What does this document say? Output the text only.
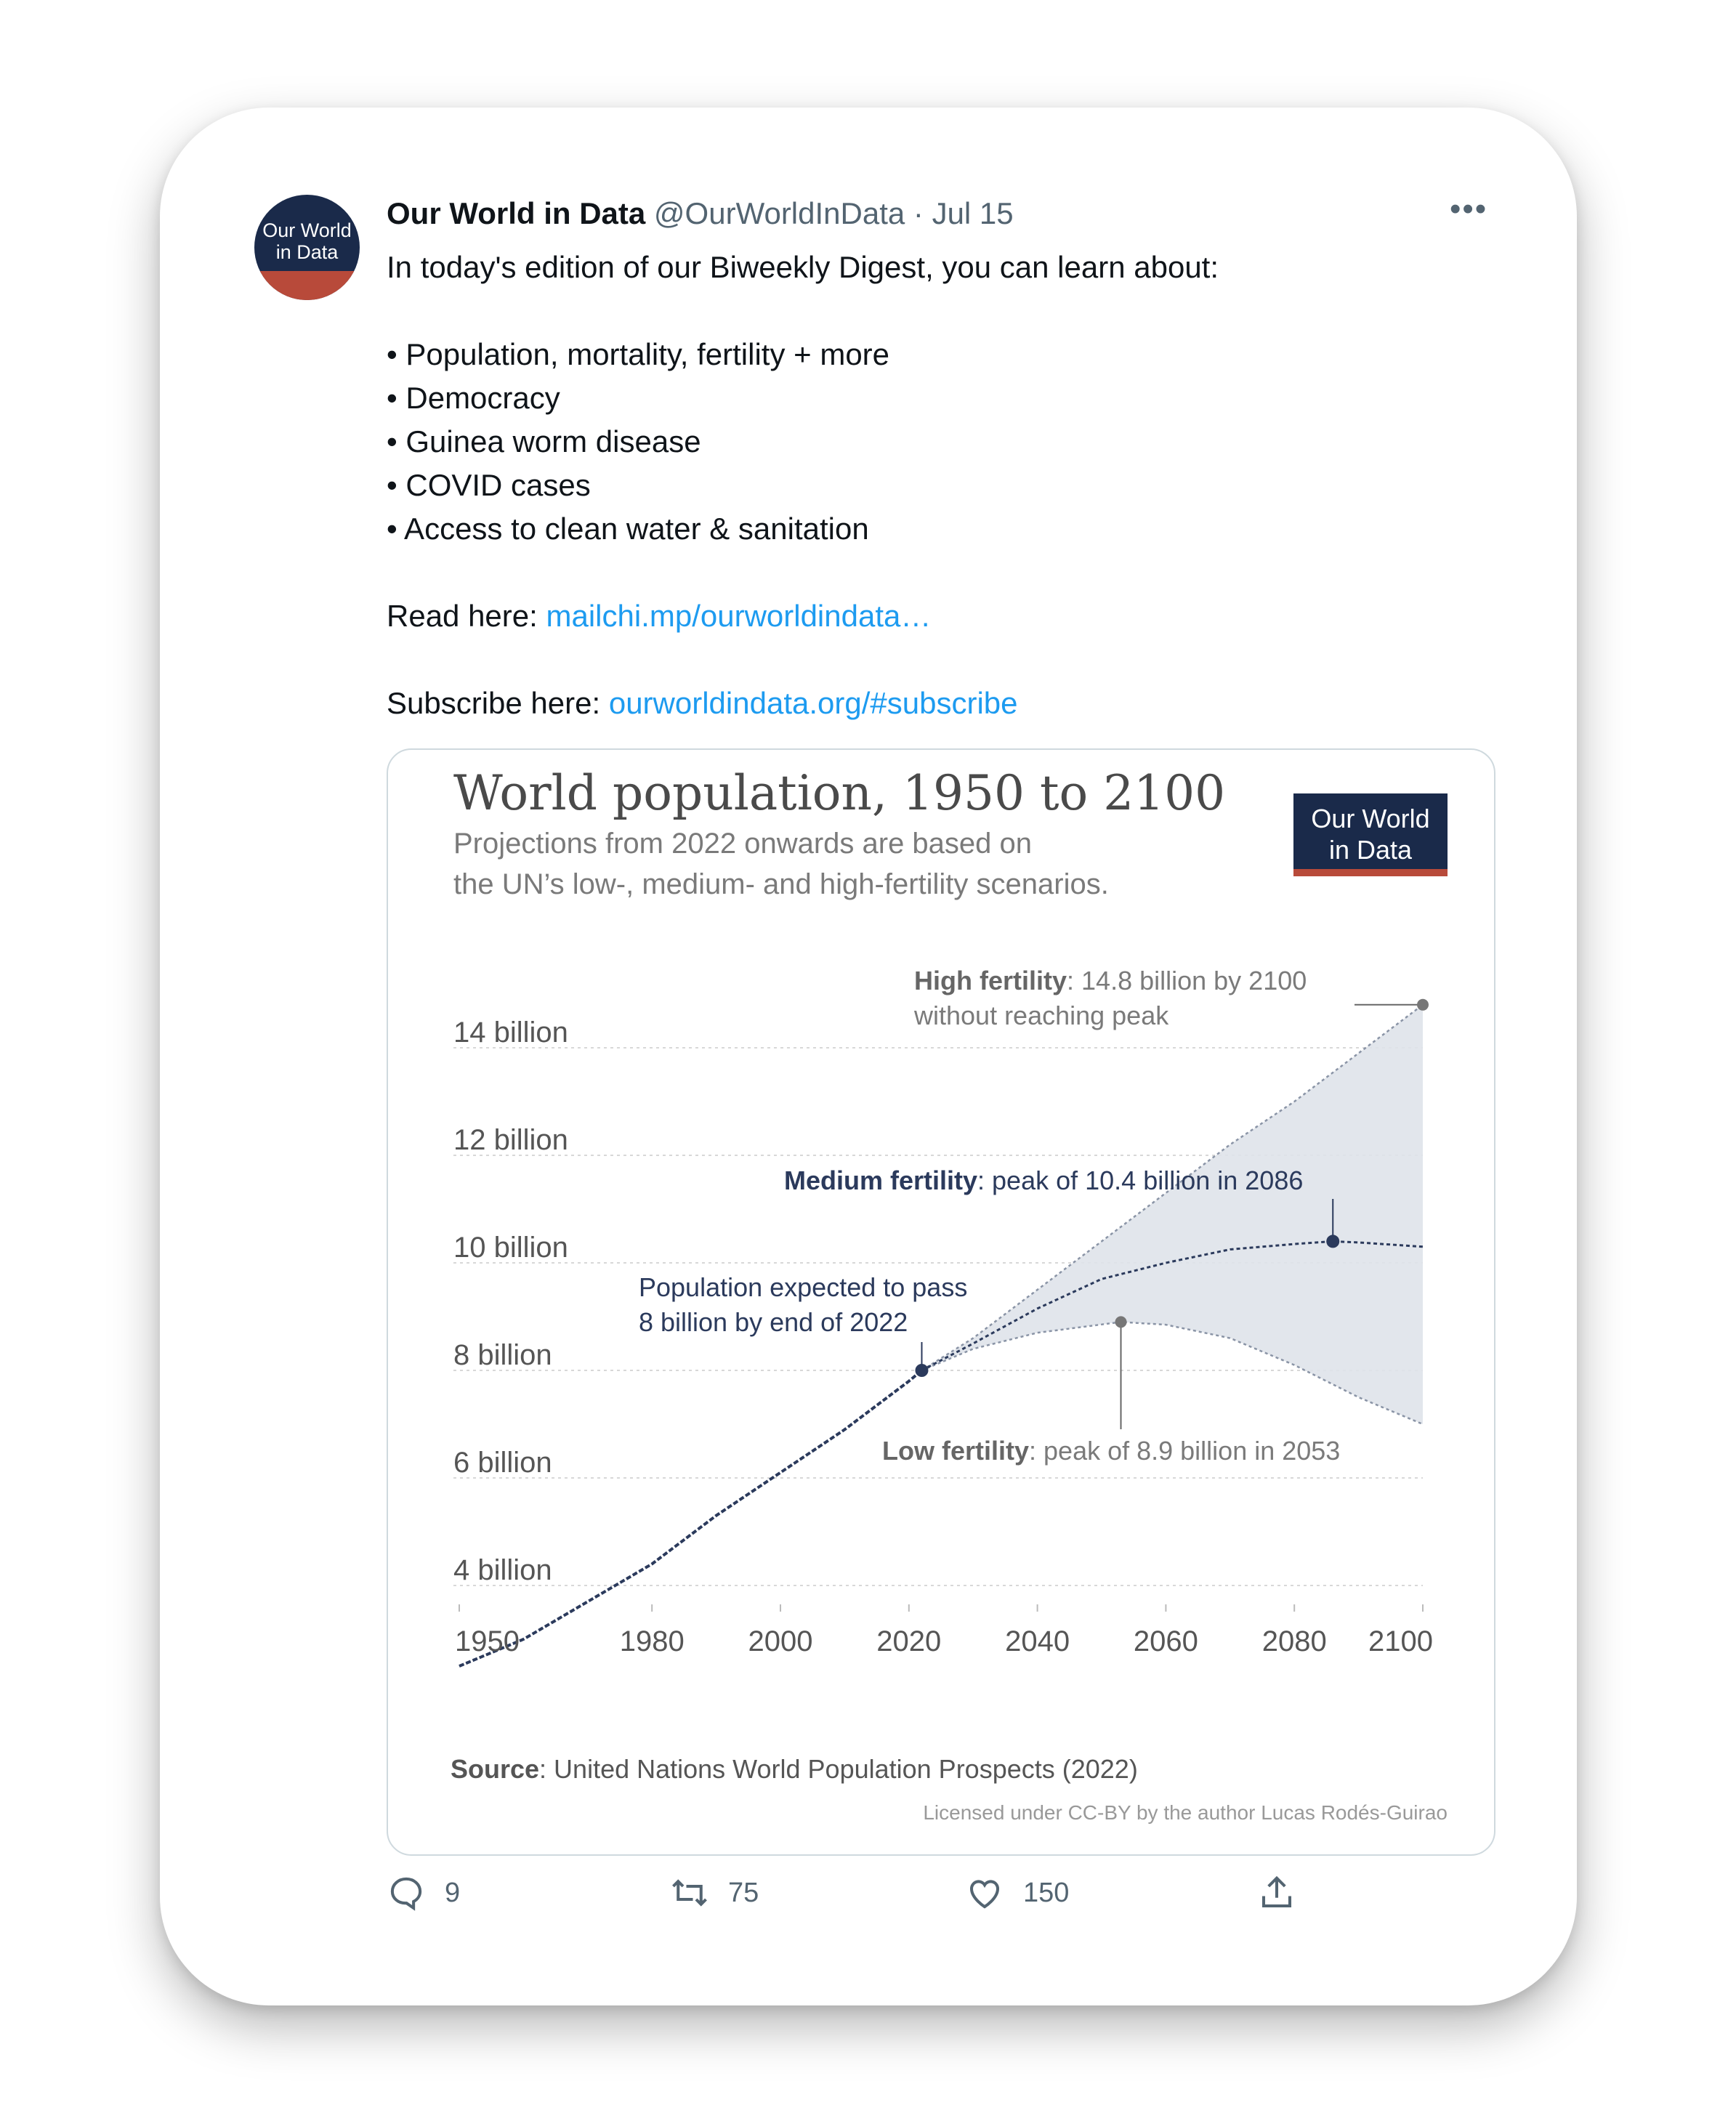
Our World in Data
Our World in Data @OurWorldInData · Jul 15	•••

In today's edition of our Biweekly Digest, you can learn about:

• Population, mortality, fertility + more

• Democracy

• Guinea worm disease

• COVID cases

• Access to clean water & sanitation

Read here: mailchi.mp/ourworldindata…

Subscribe here: ourworldindata.org/#subscribe

World population, 1950 to 2100
Projections from 2022 onwards are based on
the UN’s low-, medium- and high-fertility scenarios.
Our World
in Data
4 billion
6 billion
8 billion
10 billion
12 billion
14 billion
1950	1980 2000 2020 2040 2060 2080 2100
High fertility: 14.8 billion by 2100
without reaching peak
Medium fertility: peak of 10.4 billion in 2086
Population expected to pass
8 billion by end of 2022
Low fertility: peak of 8.9 billion in 2053
Source: United Nations World Population Prospects (2022)
Licensed under CC-BY by the author Lucas Rodés-Guirao
9	75	150
